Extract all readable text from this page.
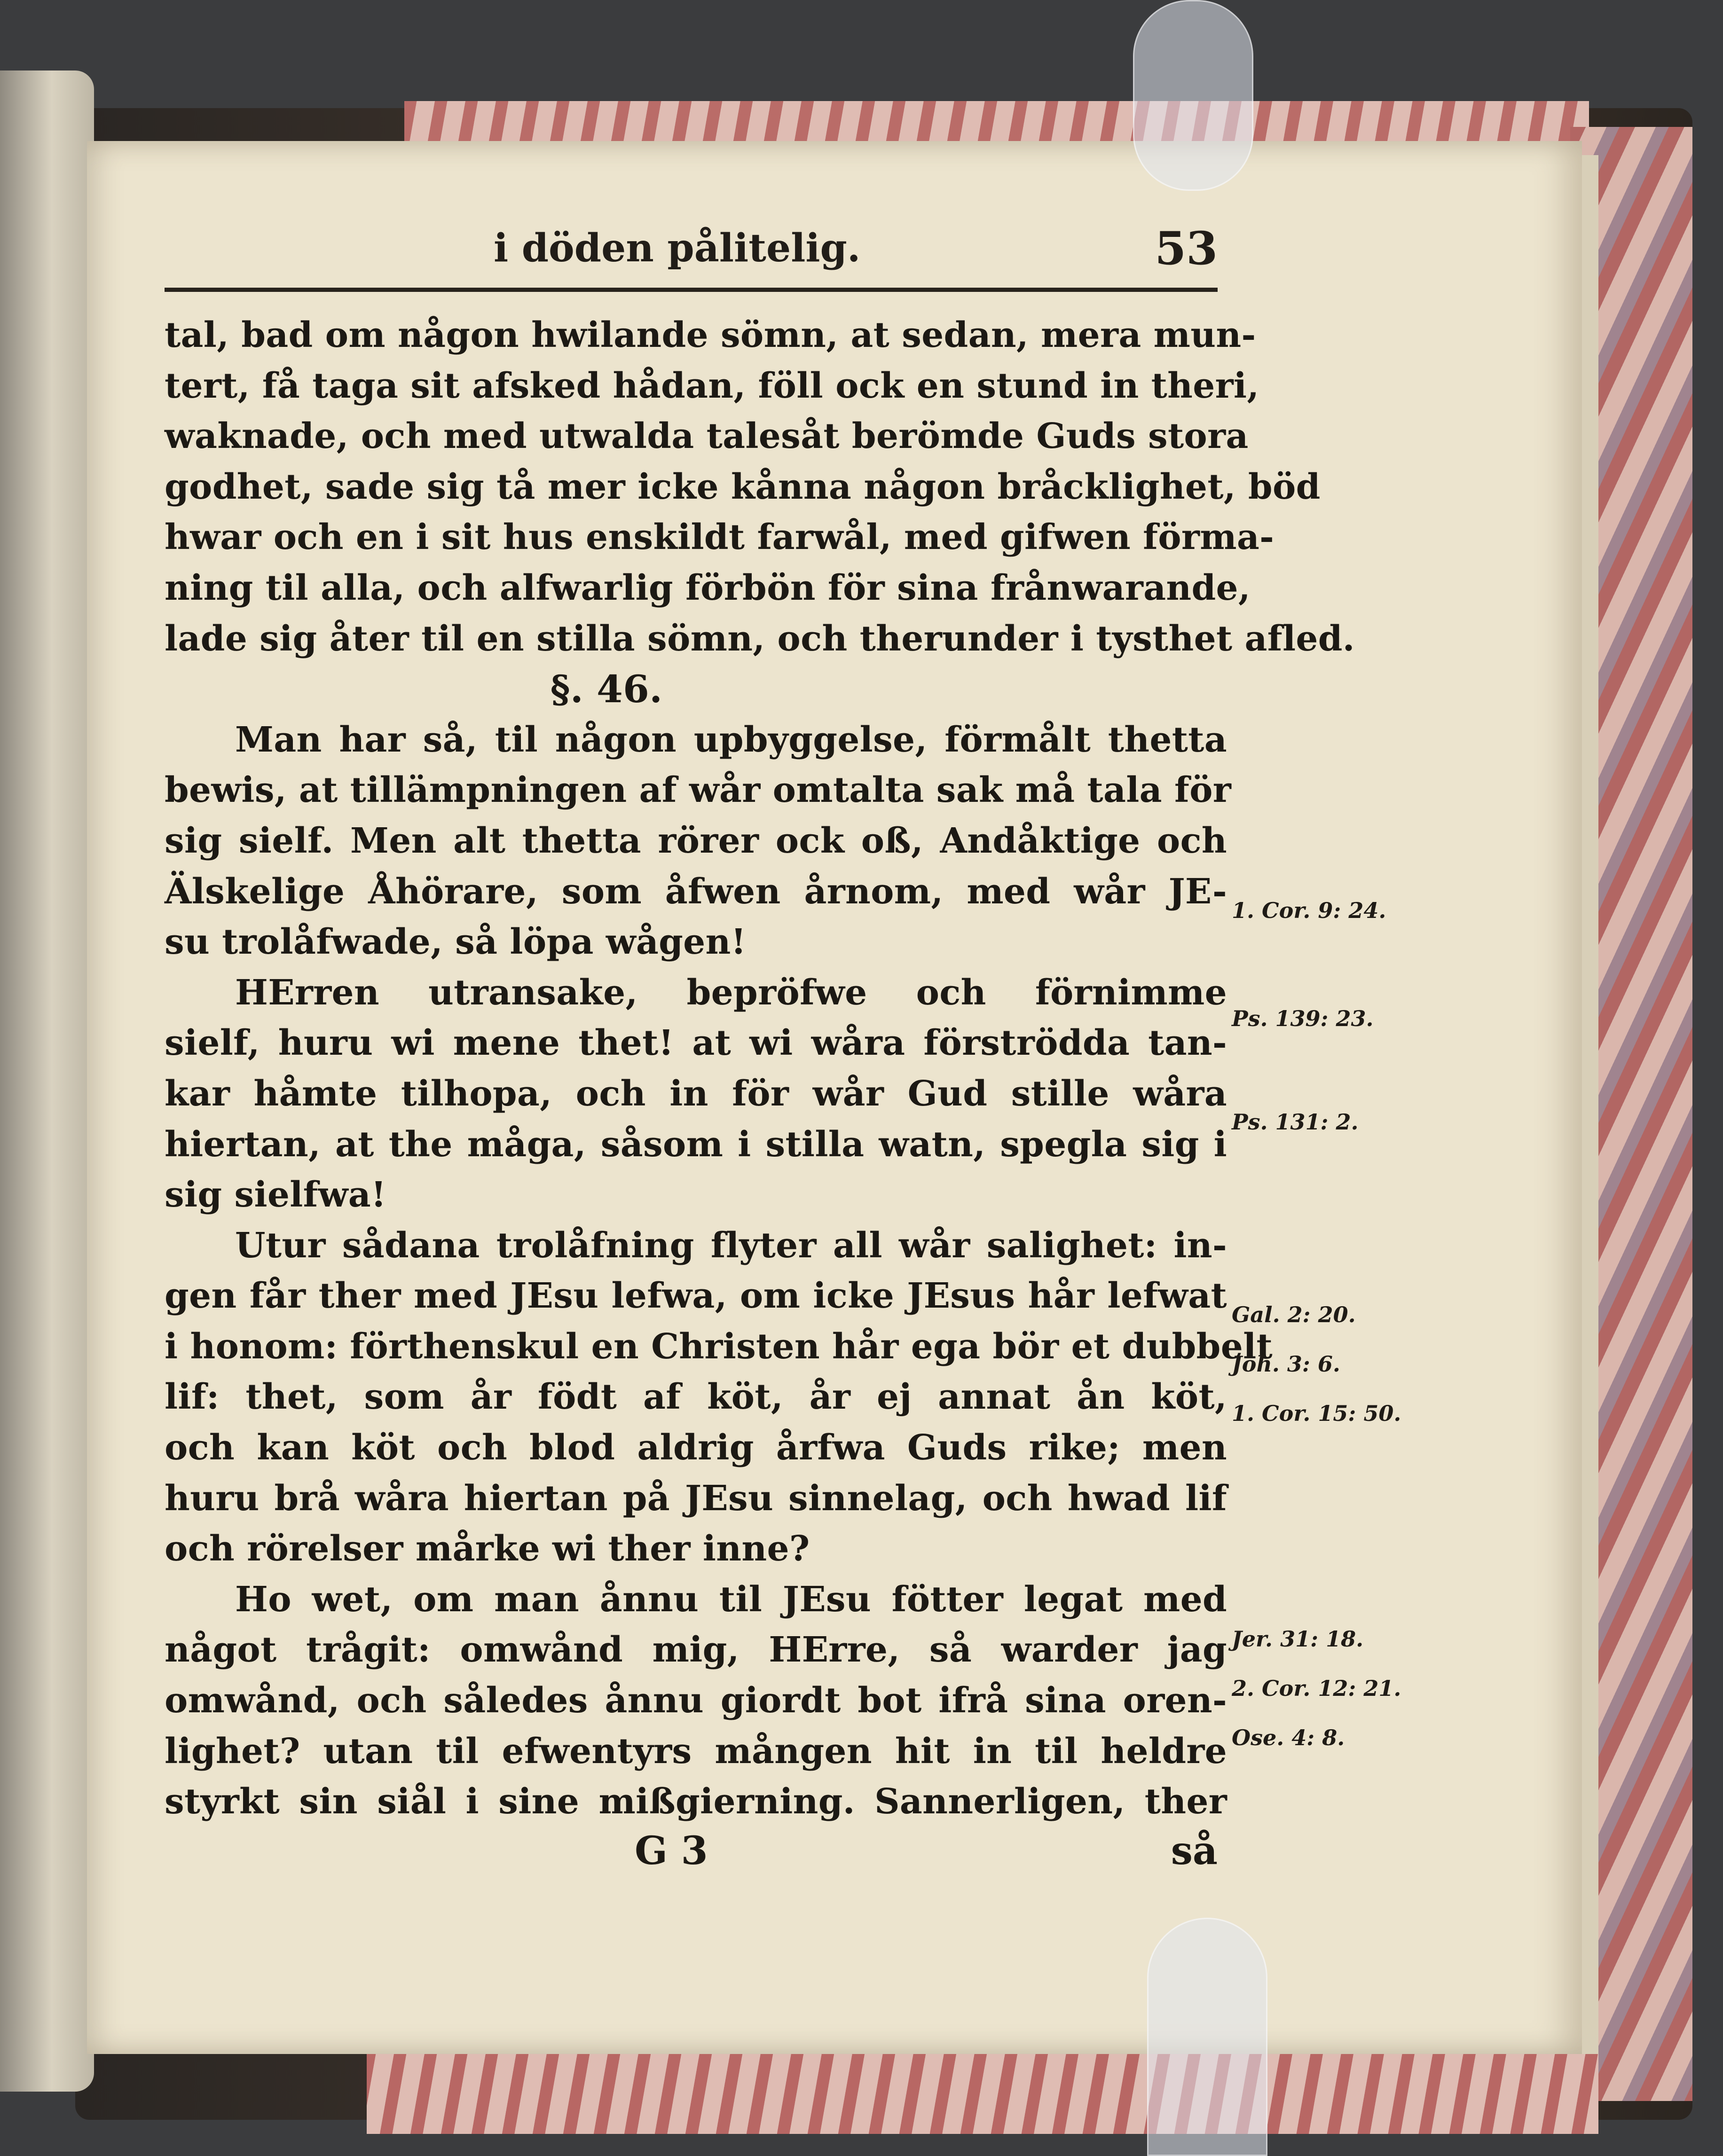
i döden pålitelig.	53
tal, bad om någon hwilande sömn, at sedan, mera mun-
tert, få taga sit afsked hådan, föll ock en stund in theri,
waknade, och med utwalda talesåt berömde Guds stora
godhet, sade sig tå mer icke kånna någon bråcklighet, böd
hwar och en i sit hus enskildt farwål, med gifwen förma-
ning til alla, och alfwarlig förbön för sina frånwarande,
lade sig åter til en stilla sömn, och therunder i tysthet afled.
§. 46.
Man har så, til någon upbyggelse, förmålt thetta
bewis, at tillämpningen af wår omtalta sak må tala för
sig sielf. Men alt thetta rörer ock oß, Andåktige och
Älskelige Åhörare, som åfwen årnom, med wår JE-
su trolåfwade, så löpa wågen!
HErren utransake, bepröfwe och förnimme
sielf, huru wi mene thet! at wi wåra förströdda tan-
kar håmte tilhopa, och in för wår Gud stille wåra
hiertan, at the måga, såsom i stilla watn, spegla sig i
sig sielfwa!
Utur sådana trolåfning flyter all wår salighet: in-
gen får ther med JEsu lefwa, om icke JEsus hår lefwat
i honom: förthenskul en Christen hår ega bör et dubbelt
lif: thet, som år födt af köt, år ej annat ån köt,
och kan köt och blod aldrig årfwa Guds rike; men
huru brå wåra hiertan på JEsu sinnelag, och hwad lif
och rörelser mårke wi ther inne?
Ho wet, om man ånnu til JEsu fötter legat med
något trågit: omwånd mig, HErre, så warder jag
omwånd, och således ånnu giordt bot ifrå sina oren-
lighet? utan til efwentyrs mången hit in til heldre
styrkt sin siål i sine mißgierning. Sannerligen, ther
G 3	så
1. Cor. 9: 24.
Ps. 139: 23.
Ps. 131: 2.
Gal. 2: 20.
Joh. 3: 6.
1. Cor. 15: 50.
Jer. 31: 18.
2. Cor. 12: 21.
Ose. 4: 8.
